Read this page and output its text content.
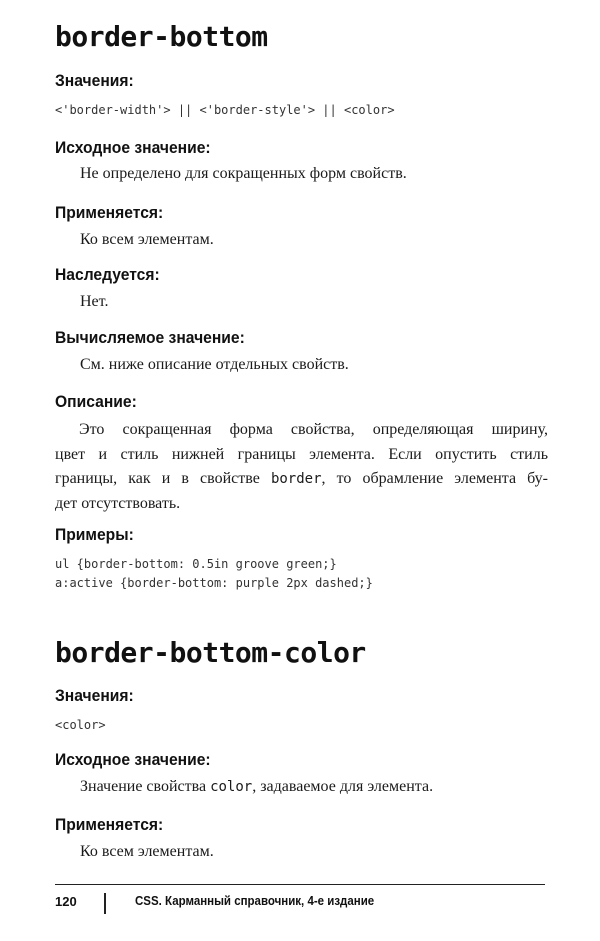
border-bottom
Значения:
<'border-width'> || <'border-style'> || <color>
Исходное значение:
Не определено для сокращенных форм свойств.
Применяется:
Ко всем элементам.
Наследуется:
Нет.
Вычисляемое значение:
См. ниже описание отдельных свойств.
Описание:
Это сокращенная форма свойства, определяющая ширину,
цвет и стиль нижней границы элемента. Если опустить стиль
границы, как и в свойстве border, то обрамление элемента бу-
дет отсутствовать.
Примеры:
ul {border-bottom: 0.5in groove green;}
a:active {border-bottom: purple 2px dashed;}
border-bottom-color
Значения:
<color>
Исходное значение:
Значение свойства color, задаваемое для элемента.
Применяется:
Ко всем элементам.
120	CSS. Карманный справочник, 4-е издание
